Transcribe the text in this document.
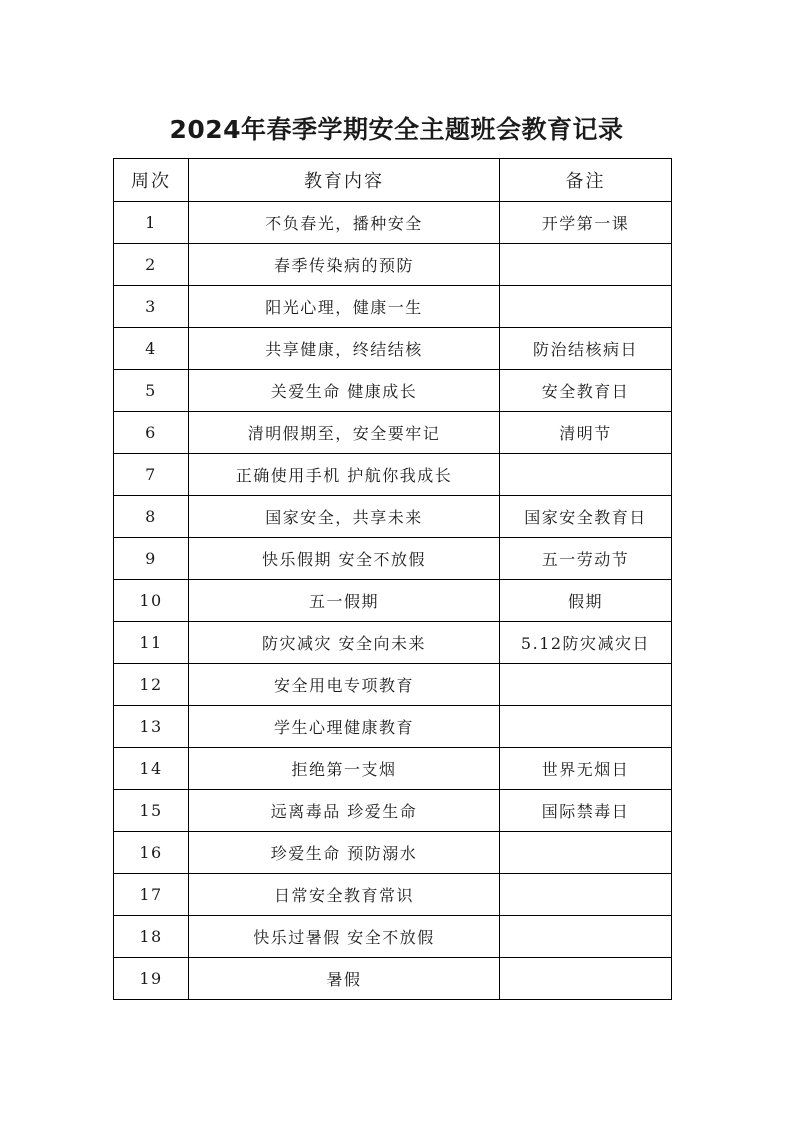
2024年春季学期安全主题班会教育记录
周次	教育内容	备注
1	不负春光，播种安全	开学第一课
2	春季传染病的预防	
3	阳光心理，健康一生	
4	共享健康，终结结核	防治结核病日
5	关爱生命 健康成长	安全教育日
6	清明假期至，安全要牢记	清明节
7	正确使用手机 护航你我成长	
8	国家安全，共享未来	国家安全教育日
9	快乐假期 安全不放假	五一劳动节
10	五一假期	假期
11	防灾减灾 安全向未来	5.12防灾减灾日
12	安全用电专项教育	
13	学生心理健康教育	
14	拒绝第一支烟	世界无烟日
15	远离毒品 珍爱生命	国际禁毒日
16	珍爱生命 预防溺水	
17	日常安全教育常识	
18	快乐过暑假 安全不放假	
19	暑假	
